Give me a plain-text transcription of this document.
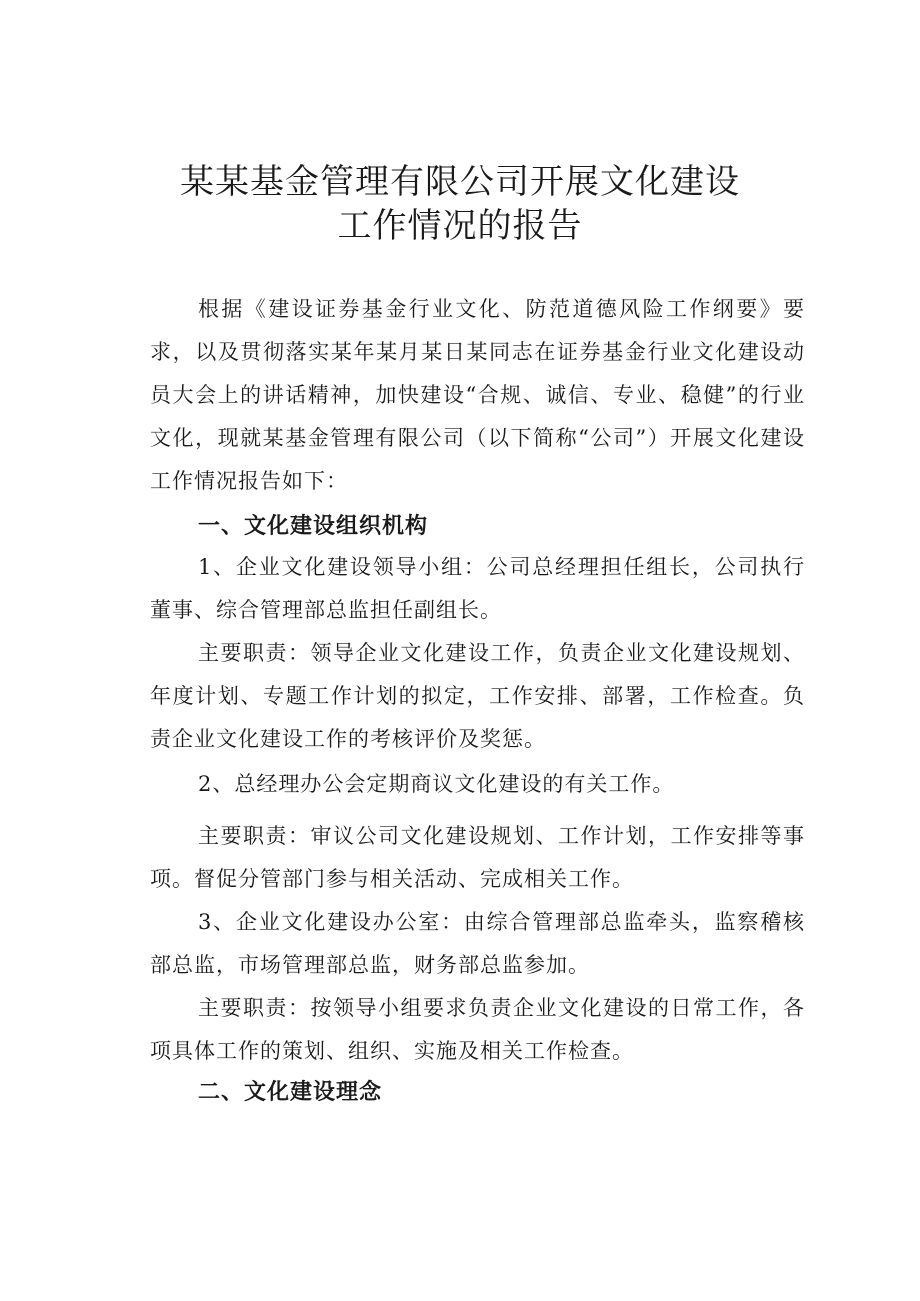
某某基金管理有限公司开展文化建设
工作情况的报告

根据《建设证券基金行业文化、防范道德风险工作纲要》要求，以及贯彻落实某年某月某日某同志在证券基金行业文化建设动员大会上的讲话精神，加快建设“合规、诚信、专业、稳健”的行业文化，现就某基金管理有限公司（以下简称“公司”）开展文化建设工作情况报告如下：

一、文化建设组织机构

1、企业文化建设领导小组：公司总经理担任组长，公司执行董事、综合管理部总监担任副组长。

主要职责：领导企业文化建设工作，负责企业文化建设规划、年度计划、专题工作计划的拟定，工作安排、部署，工作检查。负责企业文化建设工作的考核评价及奖惩。

2、总经理办公会定期商议文化建设的有关工作。

主要职责：审议公司文化建设规划、工作计划，工作安排等事项。督促分管部门参与相关活动、完成相关工作。

3、企业文化建设办公室：由综合管理部总监牵头，监察稽核部总监，市场管理部总监，财务部总监参加。

主要职责：按领导小组要求负责企业文化建设的日常工作，各项具体工作的策划、组织、实施及相关工作检查。

二、文化建设理念
